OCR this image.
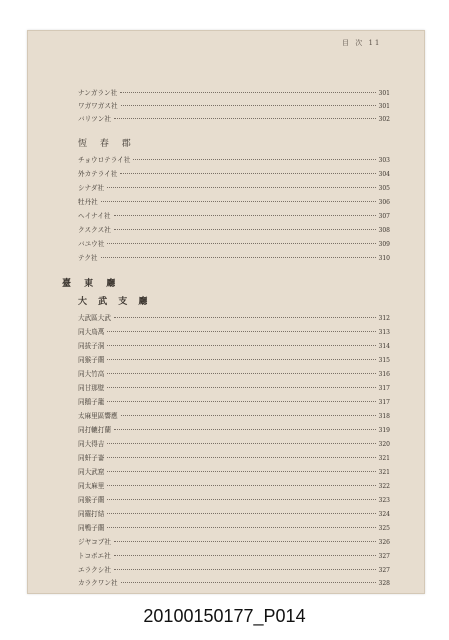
目 次 11
ナンガラン社	301
ワガワガス社	301
バリツン社	302
恆 春 郡
チョウロテライ社	303
外カテライ社	304
シナダ社	305
牡丹社	306
ヘイナイ社	307
クスクス社	308
バユウ社	309
テク社	310
臺 東 廳
大 武 支 廳
大武區大武	312
同大鳥萬	313
同拔子洞	314
同猴子蘭	315
同大竹高	316
同甘那壁	317
同鵝子籠	317
太麻里區響應	318
同打轆打蘭	319
同大得吉	320
同虷子崙	321
同大武窟	321
同太麻里	322
同猴子蘭	323
同羅打結	324
同鴨子蘭	325
ジヤコブ社	326
トコボエ社	327
エラクシ社	327
カラクワン社	328
20100150177_P014
